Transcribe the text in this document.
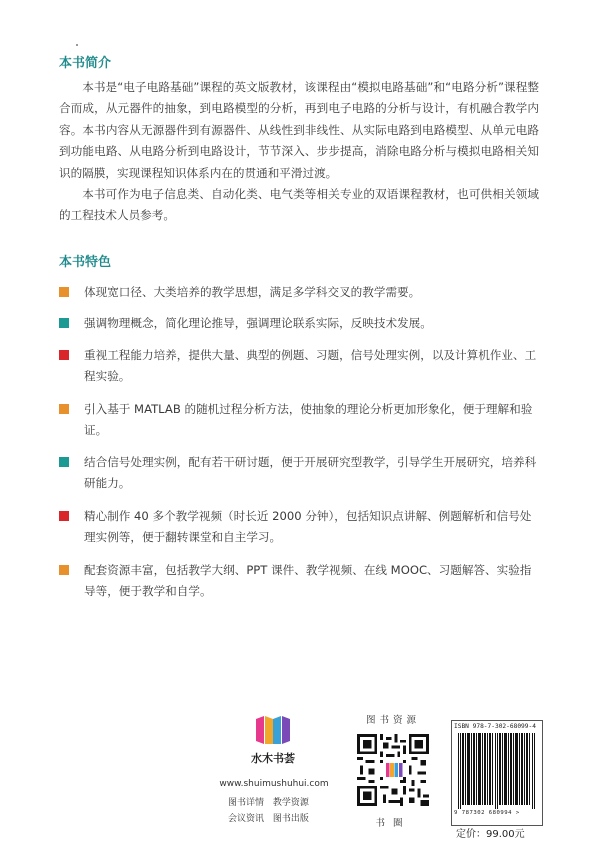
本书简介

本书是“电子电路基础”课程的英文版教材，该课程由“模拟电路基础”和“电路分析”课程整合而成，从元器件的抽象，到电路模型的分析，再到电子电路的分析与设计，有机融合教学内容。本书内容从无源器件到有源器件、从线性到非线性、从实际电路到电路模型、从单元电路到功能电路、从电路分析到电路设计，节节深入、步步提高，消除电路分析与模拟电路相关知识的隔膜，实现课程知识体系内在的贯通和平滑过渡。

本书可作为电子信息类、自动化类、电气类等相关专业的双语课程教材，也可供相关领域的工程技术人员参考。

本书特色
体现宽口径、大类培养的教学思想，满足多学科交叉的教学需要。
强调物理概念，简化理论推导，强调理论联系实际，反映技术发展。
重视工程能力培养，提供大量、典型的例题、习题，信号处理实例，以及计算机作业、工程实验。
引入基于 MATLAB 的随机过程分析方法，使抽象的理论分析更加形象化，便于理解和验证。
结合信号处理实例，配有若干研讨题，便于开展研究型教学，引导学生开展研究，培养科研能力。
精心制作 40 多个教学视频（时长近 2000 分钟），包括知识点讲解、例题解析和信号处理实例等，便于翻转课堂和自主学习。
配套资源丰富，包括教学大纲、PPT 课件、教学视频、在线 MOOC、习题解答、实验指导等，便于教学和自学。
水木书荟
www.shuimushuhui.com
图书详情 教学资源
会议资讯 图书出版
图书资源
书圈
ISBN 978-7-302-68099-4
9 787302 680994 >
定价：99.00元
